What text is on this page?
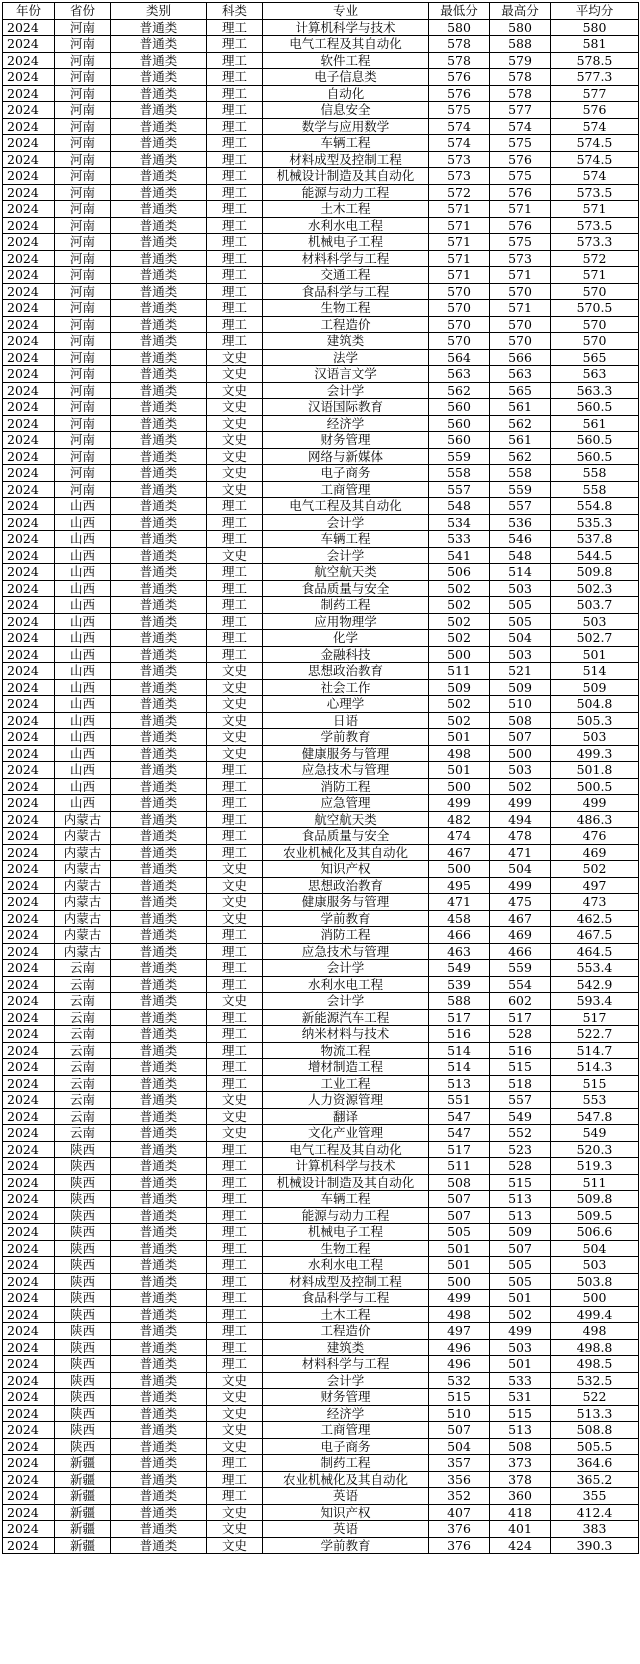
年份	省份	类别	科类	专业	最低分	最高分	平均分
2024	河南	普通类	理工	计算机科学与技术	580	580	580
2024	河南	普通类	理工	电气工程及其自动化	578	588	581
2024	河南	普通类	理工	软件工程	578	579	578.5
2024	河南	普通类	理工	电子信息类	576	578	577.3
2024	河南	普通类	理工	自动化	576	578	577
2024	河南	普通类	理工	信息安全	575	577	576
2024	河南	普通类	理工	数学与应用数学	574	574	574
2024	河南	普通类	理工	车辆工程	574	575	574.5
2024	河南	普通类	理工	材料成型及控制工程	573	576	574.5
2024	河南	普通类	理工	机械设计制造及其自动化	573	575	574
2024	河南	普通类	理工	能源与动力工程	572	576	573.5
2024	河南	普通类	理工	土木工程	571	571	571
2024	河南	普通类	理工	水利水电工程	571	576	573.5
2024	河南	普通类	理工	机械电子工程	571	575	573.3
2024	河南	普通类	理工	材料科学与工程	571	573	572
2024	河南	普通类	理工	交通工程	571	571	571
2024	河南	普通类	理工	食品科学与工程	570	570	570
2024	河南	普通类	理工	生物工程	570	571	570.5
2024	河南	普通类	理工	工程造价	570	570	570
2024	河南	普通类	理工	建筑类	570	570	570
2024	河南	普通类	文史	法学	564	566	565
2024	河南	普通类	文史	汉语言文学	563	563	563
2024	河南	普通类	文史	会计学	562	565	563.3
2024	河南	普通类	文史	汉语国际教育	560	561	560.5
2024	河南	普通类	文史	经济学	560	562	561
2024	河南	普通类	文史	财务管理	560	561	560.5
2024	河南	普通类	文史	网络与新媒体	559	562	560.5
2024	河南	普通类	文史	电子商务	558	558	558
2024	河南	普通类	文史	工商管理	557	559	558
2024	山西	普通类	理工	电气工程及其自动化	548	557	554.8
2024	山西	普通类	理工	会计学	534	536	535.3
2024	山西	普通类	理工	车辆工程	533	546	537.8
2024	山西	普通类	文史	会计学	541	548	544.5
2024	山西	普通类	理工	航空航天类	506	514	509.8
2024	山西	普通类	理工	食品质量与安全	502	503	502.3
2024	山西	普通类	理工	制药工程	502	505	503.7
2024	山西	普通类	理工	应用物理学	502	505	503
2024	山西	普通类	理工	化学	502	504	502.7
2024	山西	普通类	理工	金融科技	500	503	501
2024	山西	普通类	文史	思想政治教育	511	521	514
2024	山西	普通类	文史	社会工作	509	509	509
2024	山西	普通类	文史	心理学	502	510	504.8
2024	山西	普通类	文史	日语	502	508	505.3
2024	山西	普通类	文史	学前教育	501	507	503
2024	山西	普通类	文史	健康服务与管理	498	500	499.3
2024	山西	普通类	理工	应急技术与管理	501	503	501.8
2024	山西	普通类	理工	消防工程	500	502	500.5
2024	山西	普通类	理工	应急管理	499	499	499
2024	内蒙古	普通类	理工	航空航天类	482	494	486.3
2024	内蒙古	普通类	理工	食品质量与安全	474	478	476
2024	内蒙古	普通类	理工	农业机械化及其自动化	467	471	469
2024	内蒙古	普通类	文史	知识产权	500	504	502
2024	内蒙古	普通类	文史	思想政治教育	495	499	497
2024	内蒙古	普通类	文史	健康服务与管理	471	475	473
2024	内蒙古	普通类	文史	学前教育	458	467	462.5
2024	内蒙古	普通类	理工	消防工程	466	469	467.5
2024	内蒙古	普通类	理工	应急技术与管理	463	466	464.5
2024	云南	普通类	理工	会计学	549	559	553.4
2024	云南	普通类	理工	水利水电工程	539	554	542.9
2024	云南	普通类	文史	会计学	588	602	593.4
2024	云南	普通类	理工	新能源汽车工程	517	517	517
2024	云南	普通类	理工	纳米材料与技术	516	528	522.7
2024	云南	普通类	理工	物流工程	514	516	514.7
2024	云南	普通类	理工	增材制造工程	514	515	514.3
2024	云南	普通类	理工	工业工程	513	518	515
2024	云南	普通类	文史	人力资源管理	551	557	553
2024	云南	普通类	文史	翻译	547	549	547.8
2024	云南	普通类	文史	文化产业管理	547	552	549
2024	陕西	普通类	理工	电气工程及其自动化	517	523	520.3
2024	陕西	普通类	理工	计算机科学与技术	511	528	519.3
2024	陕西	普通类	理工	机械设计制造及其自动化	508	515	511
2024	陕西	普通类	理工	车辆工程	507	513	509.8
2024	陕西	普通类	理工	能源与动力工程	507	513	509.5
2024	陕西	普通类	理工	机械电子工程	505	509	506.6
2024	陕西	普通类	理工	生物工程	501	507	504
2024	陕西	普通类	理工	水利水电工程	501	505	503
2024	陕西	普通类	理工	材料成型及控制工程	500	505	503.8
2024	陕西	普通类	理工	食品科学与工程	499	501	500
2024	陕西	普通类	理工	土木工程	498	502	499.4
2024	陕西	普通类	理工	工程造价	497	499	498
2024	陕西	普通类	理工	建筑类	496	503	498.8
2024	陕西	普通类	理工	材料科学与工程	496	501	498.5
2024	陕西	普通类	文史	会计学	532	533	532.5
2024	陕西	普通类	文史	财务管理	515	531	522
2024	陕西	普通类	文史	经济学	510	515	513.3
2024	陕西	普通类	文史	工商管理	507	513	508.8
2024	陕西	普通类	文史	电子商务	504	508	505.5
2024	新疆	普通类	理工	制药工程	357	373	364.6
2024	新疆	普通类	理工	农业机械化及其自动化	356	378	365.2
2024	新疆	普通类	理工	英语	352	360	355
2024	新疆	普通类	文史	知识产权	407	418	412.4
2024	新疆	普通类	文史	英语	376	401	383
2024	新疆	普通类	文史	学前教育	376	424	390.3
